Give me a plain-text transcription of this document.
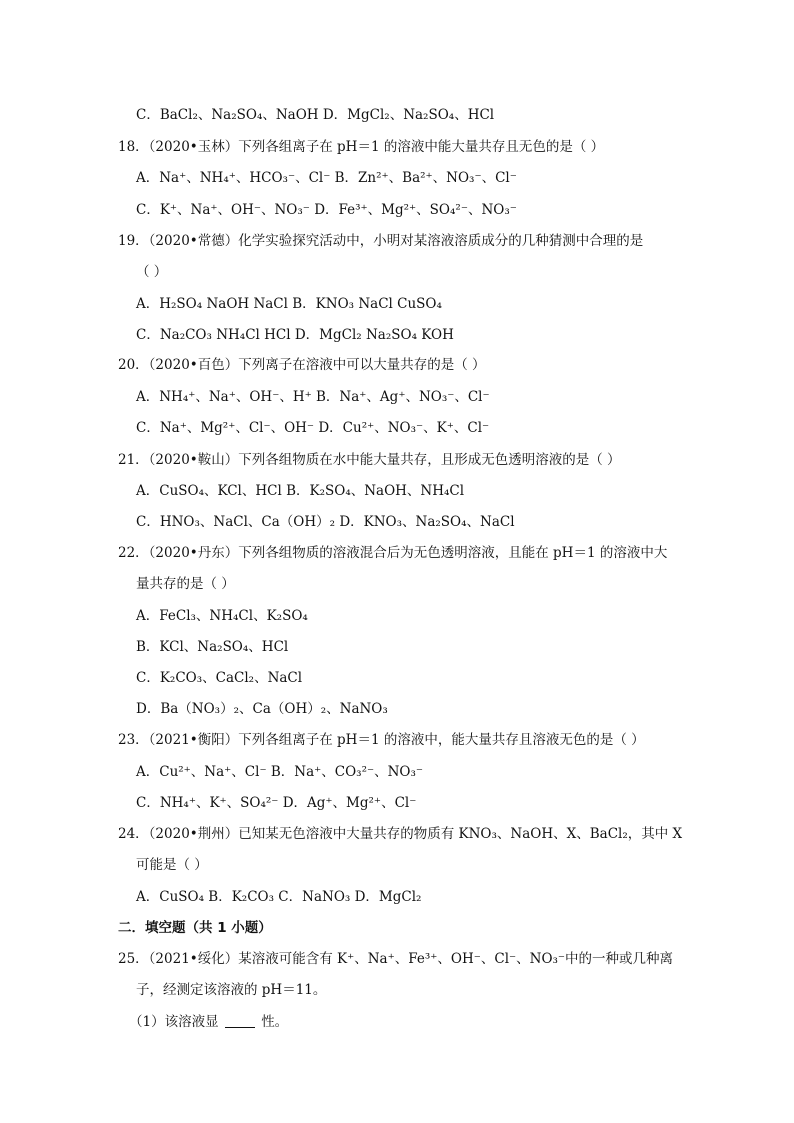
C．BaCl₂、Na₂SO₄、NaOH D．MgCl₂、Na₂SO₄、HCl
18．（2020•玉林）下列各组离子在 pH＝1 的溶液中能大量共存且无色的是（ ）
A．Na⁺、NH₄⁺、HCO₃⁻、Cl⁻ B．Zn²⁺、Ba²⁺、NO₃⁻、Cl⁻
C．K⁺、Na⁺、OH⁻、NO₃⁻ D．Fe³⁺、Mg²⁺、SO₄²⁻、NO₃⁻
19．（2020•常德）化学实验探究活动中，小明对某溶液溶质成分的几种猜测中合理的是
（ ）
A．H₂SO₄ NaOH NaCl B．KNO₃ NaCl CuSO₄
C．Na₂CO₃ NH₄Cl HCl D．MgCl₂ Na₂SO₄ KOH
20．（2020•百色）下列离子在溶液中可以大量共存的是（ ）
A．NH₄⁺、Na⁺、OH⁻、H⁺ B．Na⁺、Ag⁺、NO₃⁻、Cl⁻
C．Na⁺、Mg²⁺、Cl⁻、OH⁻ D．Cu²⁺、NO₃⁻、K⁺、Cl⁻
21．（2020•鞍山）下列各组物质在水中能大量共存，且形成无色透明溶液的是（ ）
A．CuSO₄、KCl、HCl B．K₂SO₄、NaOH、NH₄Cl
C．HNO₃、NaCl、Ca（OH）₂ D．KNO₃、Na₂SO₄、NaCl
22．（2020•丹东）下列各组物质的溶液混合后为无色透明溶液，且能在 pH＝1 的溶液中大
量共存的是（ ）
A．FeCl₃、NH₄Cl、K₂SO₄
B．KCl、Na₂SO₄、HCl
C．K₂CO₃、CaCl₂、NaCl
D．Ba（NO₃）₂、Ca（OH）₂、NaNO₃
23．（2021•衡阳）下列各组离子在 pH＝1 的溶液中，能大量共存且溶液无色的是（ ）
A．Cu²⁺、Na⁺、Cl⁻ B．Na⁺、CO₃²⁻、NO₃⁻
C．NH₄⁺、K⁺、SO₄²⁻ D．Ag⁺、Mg²⁺、Cl⁻
24．（2020•荆州）已知某无色溶液中大量共存的物质有 KNO₃、NaOH、X、BaCl₂，其中 X
可能是（ ）
A．CuSO₄ B．K₂CO₃ C．NaNO₃ D．MgCl₂
二．填空题（共 1 小题）
25．（2021•绥化）某溶液可能含有 K⁺、Na⁺、Fe³⁺、OH⁻、Cl⁻、NO₃⁻中的一种或几种离
子，经测定该溶液的 pH＝11。
（1）该溶液显	性。
